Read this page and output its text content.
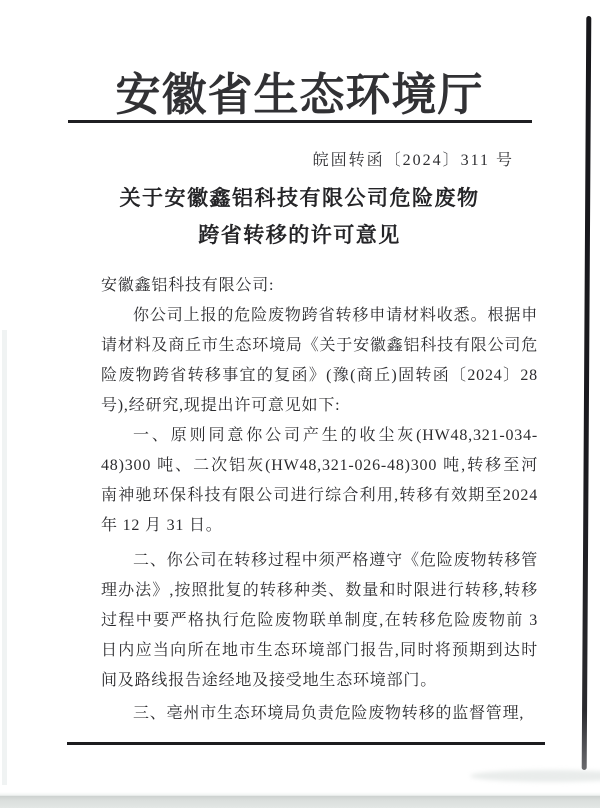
安徽省生态环境厅
皖固转函〔2024〕311 号
关于安徽鑫铝科技有限公司危险废物
跨省转移的许可意见

安徽鑫铝科技有限公司:

你公司上报的危险废物跨省转移申请材料收悉。根据申请材料及商丘市生态环境局《关于安徽鑫铝科技有限公司危险废物跨省转移事宜的复函》(豫(商丘)固转函〔2024〕28 号),经研究,现提出许可意见如下:

一、原则同意你公司产生的收尘灰(HW48,321-034-48)300 吨、二次铝灰(HW48,321-026-48)300 吨,转移至河南神驰环保科技有限公司进行综合利用,转移有效期至2024 年 12 月 31 日。

二、你公司在转移过程中须严格遵守《危险废物转移管理办法》,按照批复的转移种类、数量和时限进行转移,转移过程中要严格执行危险废物联单制度,在转移危险废物前 3 日内应当向所在地市生态环境部门报告,同时将预期到达时间及路线报告途经地及接受地生态环境部门。

三、亳州市生态环境局负责危险废物转移的监督管理,
